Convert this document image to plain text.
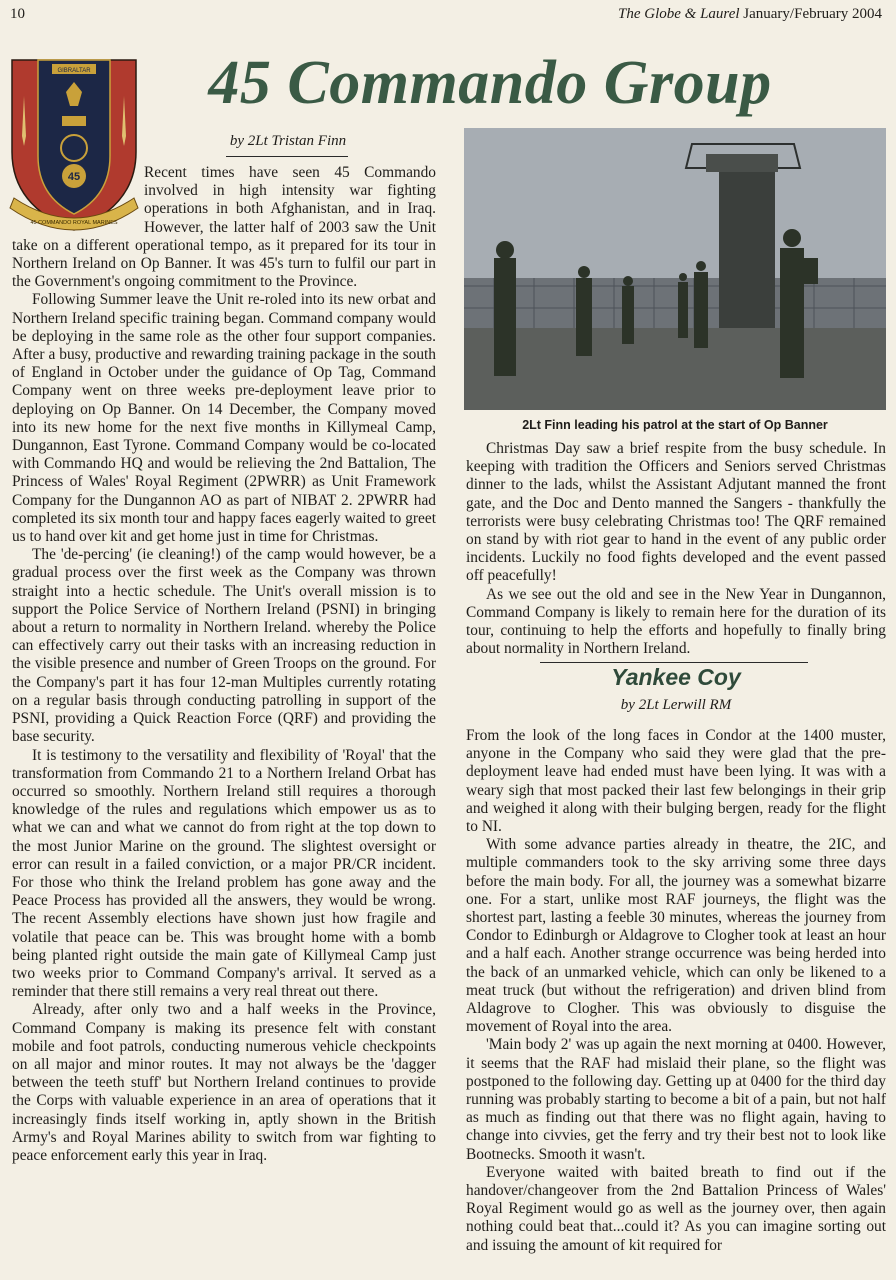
10	The Globe & Laurel January/February 2004
45
GIBRALTAR
45 COMMANDO ROYAL MARINES
45 Commando Group
by 2Lt Tristan Finn

Recent times have seen 45 Commando involved in high intensity war fighting operations in both Afghanistan, and in Iraq. However, the latter half of 2003 saw the Unit take on a different operational tempo, as it prepared for its tour in Northern Ireland on Op Banner. It was 45's turn to fulfil our part in the Government's ongoing commitment to the Province.

Following Summer leave the Unit re-roled into its new orbat and Northern Ireland specific training began. Command company would be deploying in the same role as the other four support companies. After a busy, productive and rewarding training package in the south of England in October under the guidance of Op Tag, Command Company went on three weeks pre-deployment leave prior to deploying on Op Banner. On 14 December, the Company moved into its new home for the next five months in Killymeal Camp, Dungannon, East Tyrone. Command Company would be co-located with Commando HQ and would be relieving the 2nd Battalion, The Princess of Wales' Royal Regiment (2PWRR) as Unit Framework Company for the Dungannon AO as part of NIBAT 2. 2PWRR had completed its six month tour and happy faces eagerly waited to greet us to hand over kit and get home just in time for Christmas.

The 'de-percing' (ie cleaning!) of the camp would however, be a gradual process over the first week as the Company was thrown straight into a hectic schedule. The Unit's overall mission is to support the Police Service of Northern Ireland (PSNI) in bringing about a return to normality in Northern Ireland. whereby the Police can effectively carry out their tasks with an increasing reduction in the visible presence and number of Green Troops on the ground. For the Company's part it has four 12-man Multiples currently rotating on a regular basis through conducting patrolling in support of the PSNI, providing a Quick Reaction Force (QRF) and providing the base security.

It is testimony to the versatility and flexibility of 'Royal' that the transformation from Commando 21 to a Northern Ireland Orbat has occurred so smoothly. Northern Ireland still requires a thorough knowledge of the rules and regulations which empower us as to what we can and what we cannot do from right at the top down to the most Junior Marine on the ground. The slightest oversight or error can result in a failed conviction, or a major PR/CR incident. For those who think the Ireland problem has gone away and the Peace Process has provided all the answers, they would be wrong. The recent Assembly elections have shown just how fragile and volatile that peace can be. This was brought home with a bomb being planted right outside the main gate of Killymeal Camp just two weeks prior to Command Company's arrival. It served as a reminder that there still remains a very real threat out there.

Already, after only two and a half weeks in the Province, Command Company is making its presence felt with constant mobile and foot patrols, conducting numerous vehicle checkpoints on all major and minor routes. It may not always be the 'dagger between the teeth stuff' but Northern Ireland continues to provide the Corps with valuable experience in an area of operations that it increasingly finds itself working in, aptly shown in the British Army's and Royal Marines ability to switch from war fighting to peace enforcement early this year in Iraq.

2Lt Finn leading his patrol at the start of Op Banner

Christmas Day saw a brief respite from the busy schedule. In keeping with tradition the Officers and Seniors served Christmas dinner to the lads, whilst the Assistant Adjutant manned the front gate, and the Doc and Dento manned the Sangers - thankfully the terrorists were busy celebrating Christmas too! The QRF remained on stand by with riot gear to hand in the event of any public order incidents. Luckily no food fights developed and the event passed off peacefully!

As we see out the old and see in the New Year in Dungannon, Command Company is likely to remain here for the duration of its tour, continuing to help the efforts and hopefully to finally bring about normality in Northern Ireland.

Yankee Coy
by 2Lt Lerwill RM

From the look of the long faces in Condor at the 1400 muster, anyone in the Company who said they were glad that the pre-deployment leave had ended must have been lying. It was with a weary sigh that most packed their last few belongings in their grip and weighed it along with their bulging bergen, ready for the flight to NI.

With some advance parties already in theatre, the 2IC, and multiple commanders took to the sky arriving some three days before the main body. For all, the journey was a somewhat bizarre one. For a start, unlike most RAF journeys, the flight was the shortest part, lasting a feeble 30 minutes, whereas the journey from Condor to Edinburgh or Aldagrove to Clogher took at least an hour and a half each. Another strange occurrence was being herded into the back of an unmarked vehicle, which can only be likened to a meat truck (but without the refrigeration) and driven blind from Aldagrove to Clogher. This was obviously to disguise the movement of Royal into the area.

'Main body 2' was up again the next morning at 0400. However, it seems that the RAF had mislaid their plane, so the flight was postponed to the following day. Getting up at 0400 for the third day running was probably starting to become a bit of a pain, but not half as much as finding out that there was no flight again, having to change into civvies, get the ferry and try their best not to look like Bootnecks. Smooth it wasn't.

Everyone waited with baited breath to find out if the handover/changeover from the 2nd Battalion Princess of Wales' Royal Regiment would go as well as the journey over, then again nothing could beat that...could it? As you can imagine sorting out and issuing the amount of kit required for
